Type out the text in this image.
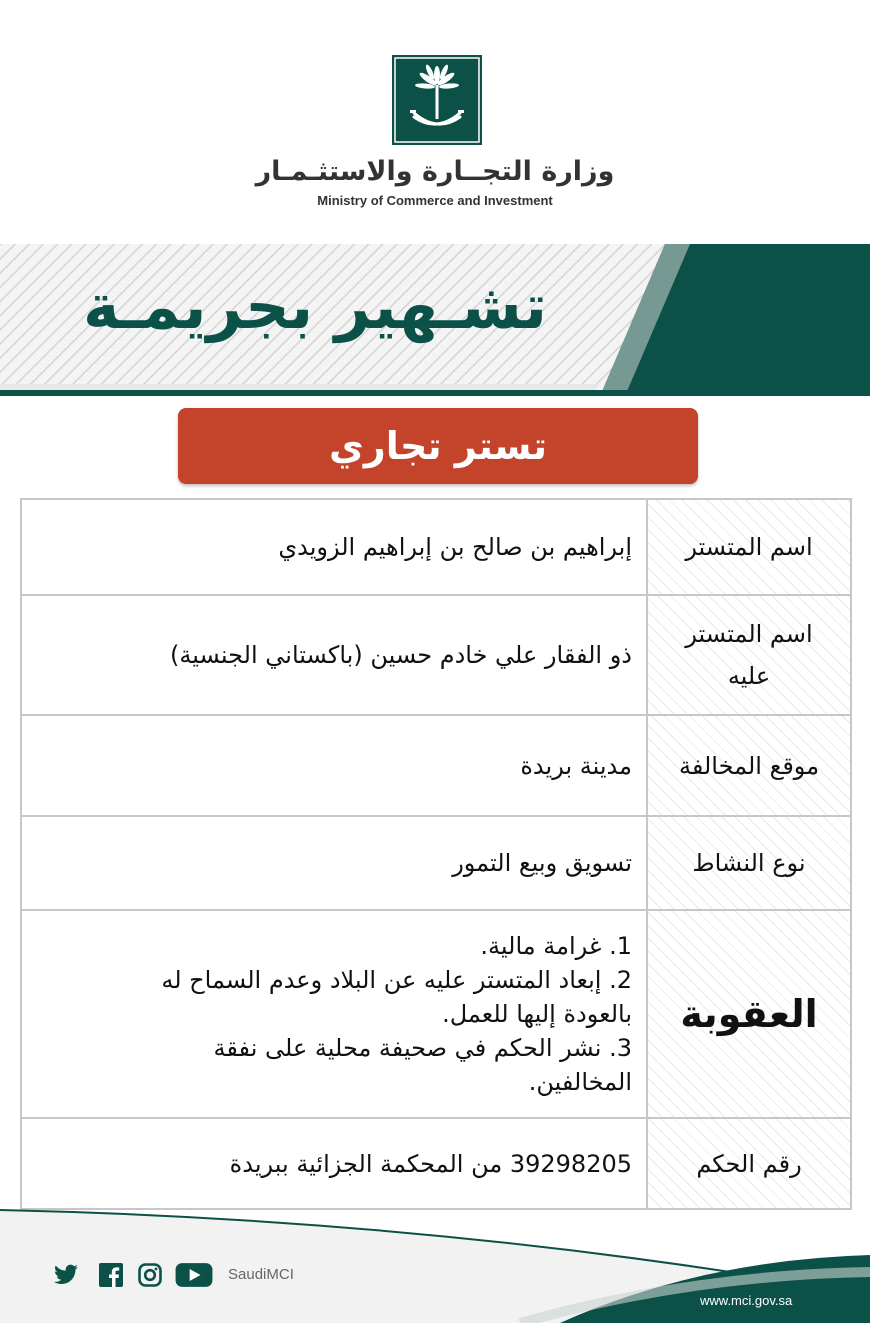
وزارة التجــارة والاستثـمـار
Ministry of Commerce and Investment
تشـهير بجريمـة
تستر تجاري
اسم المتستر
إبراهيم بن صالح بن إبراهيم الزويدي
اسم المتستر
عليه
ذو الفقار علي خادم حسين (باكستاني الجنسية)
موقع المخالفة
مدينة بريدة
نوع النشاط
تسويق وبيع التمور
العقوبة
1. غرامة مالية.
2. إبعاد المتستر عليه عن البلاد وعدم السماح له
بالعودة إليها للعمل.
3. نشر الحكم في صحيفة محلية على نفقة
المخالفين.
رقم الحكم
39298205 من المحكمة الجزائية ببريدة
SaudiMCI
www.mci.gov.sa
